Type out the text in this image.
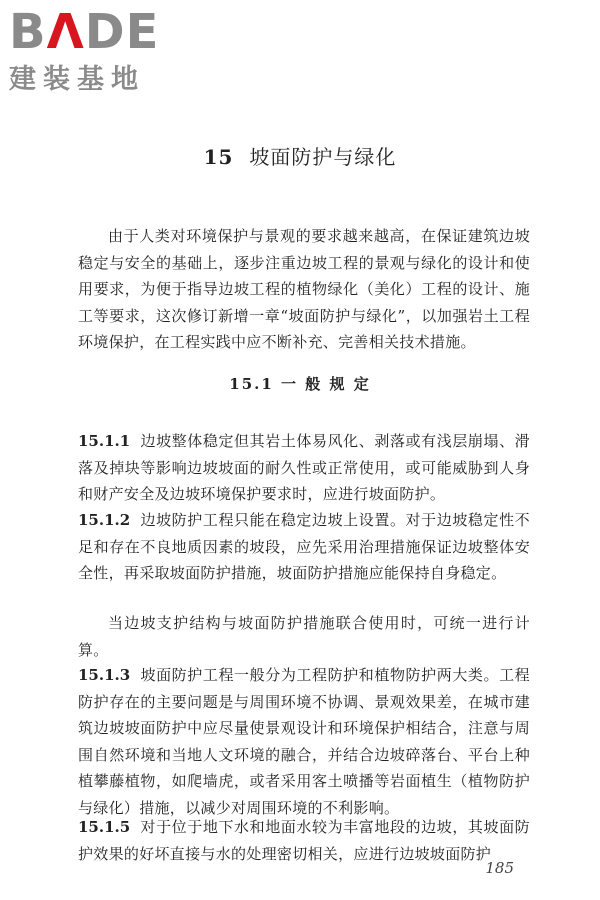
BΛDE
建装基地
15 坡面防护与绿化

由于人类对环境保护与景观的要求越来越高，在保证建筑边坡稳定与安全的基础上，逐步注重边坡工程的景观与绿化的设计和使用要求，为便于指导边坡工程的植物绿化（美化）工程的设计、施工等要求，这次修订新增一章“坡面防护与绿化”，以加强岩土工程环境保护，在工程实践中应不断补充、完善相关技术措施。

15.1 一 般 规 定

15.1.1 边坡整体稳定但其岩土体易风化、剥落或有浅层崩塌、滑落及掉块等影响边坡坡面的耐久性或正常使用，或可能威胁到人身和财产安全及边坡环境保护要求时，应进行坡面防护。

15.1.2 边坡防护工程只能在稳定边坡上设置。对于边坡稳定性不足和存在不良地质因素的坡段，应先采用治理措施保证边坡整体安全性，再采取坡面防护措施，坡面防护措施应能保持自身稳定。

当边坡支护结构与坡面防护措施联合使用时，可统一进行计算。

15.1.3 坡面防护工程一般分为工程防护和植物防护两大类。工程防护存在的主要问题是与周围环境不协调、景观效果差，在城市建筑边坡坡面防护中应尽量使景观设计和环境保护相结合，注意与周围自然环境和当地人文环境的融合，并结合边坡碎落台、平台上种植攀藤植物，如爬墙虎，或者采用客土喷播等岩面植生（植物防护与绿化）措施，以减少对周围环境的不利影响。

15.1.5 对于位于地下水和地面水较为丰富地段的边坡，其坡面防护效果的好坏直接与水的处理密切相关，应进行边坡坡面防护

185
